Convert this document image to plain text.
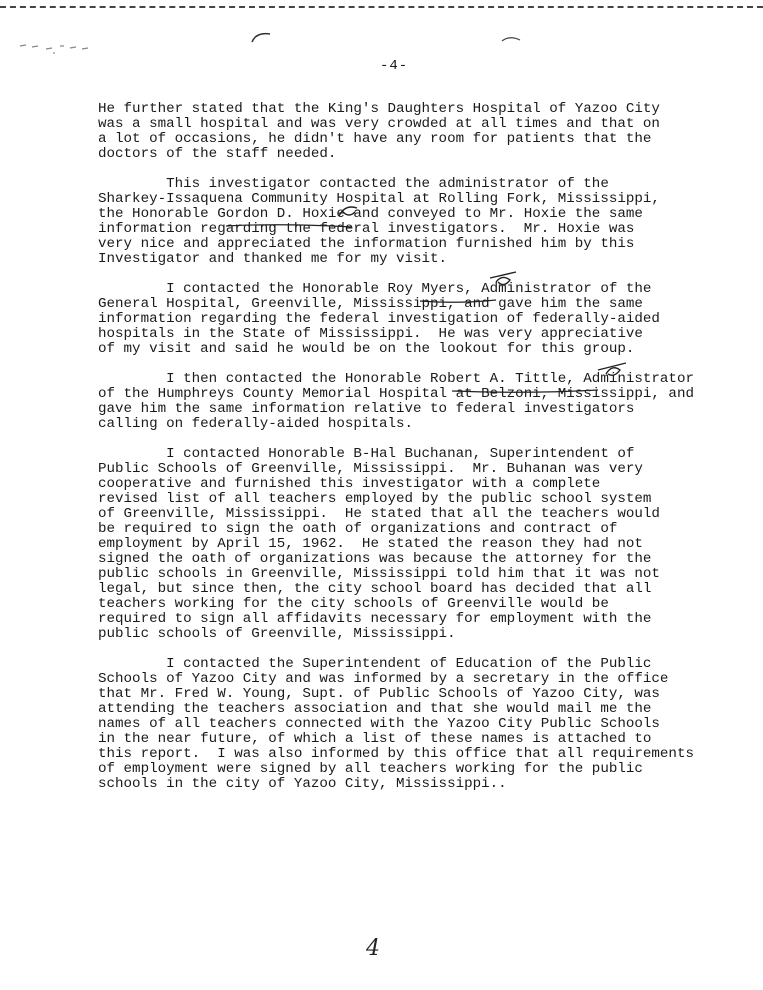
-4-

He further stated that the King's Daughters Hospital of Yazoo City
was a small hospital and was very crowded at all times and that on
a lot of occasions, he didn't have any room for patients that the
doctors of the staff needed.

This investigator contacted the administrator of the
Sharkey-Issaquena Community Hospital at Rolling Fork, Mississippi,
the Honorable Gordon D. Hoxie and conveyed to Mr. Hoxie the same
information regarding the federal investigators.  Mr. Hoxie was
very nice and appreciated the information furnished him by this
Investigator and thanked me for my visit.

I contacted the Honorable Roy Myers, Administrator of the
General Hospital, Greenville, Mississippi, and gave him the same
information regarding the federal investigation of federally-aided
hospitals in the State of Mississippi.  He was very appreciative
of my visit and said he would be on the lookout for this group.

I then contacted the Honorable Robert A. Tittle, Administrator
of the Humphreys County Memorial Hospital at Belzoni, Mississippi, and
gave him the same information relative to federal investigators
calling on federally-aided hospitals.

I contacted Honorable B-Hal Buchanan, Superintendent of
Public Schools of Greenville, Mississippi.  Mr. Buhanan was very
cooperative and furnished this investigator with a complete
revised list of all teachers employed by the public school system
of Greenville, Mississippi.  He stated that all the teachers would
be required to sign the oath of organizations and contract of
employment by April 15, 1962.  He stated the reason they had not
signed the oath of organizations was because the attorney for the
public schools in Greenville, Mississippi told him that it was not
legal, but since then, the city school board has decided that all
teachers working for the city schools of Greenville would be
required to sign all affidavits necessary for employment with the
public schools of Greenville, Mississippi.

I contacted the Superintendent of Education of the Public
Schools of Yazoo City and was informed by a secretary in the office
that Mr. Fred W. Young, Supt. of Public Schools of Yazoo City, was
attending the teachers association and that she would mail me the
names of all teachers connected with the Yazoo City Public Schools
in the near future, of which a list of these names is attached to
this report.  I was also informed by this office that all requirements
of employment were signed by all teachers working for the public
schools in the city of Yazoo City, Mississippi..

4
